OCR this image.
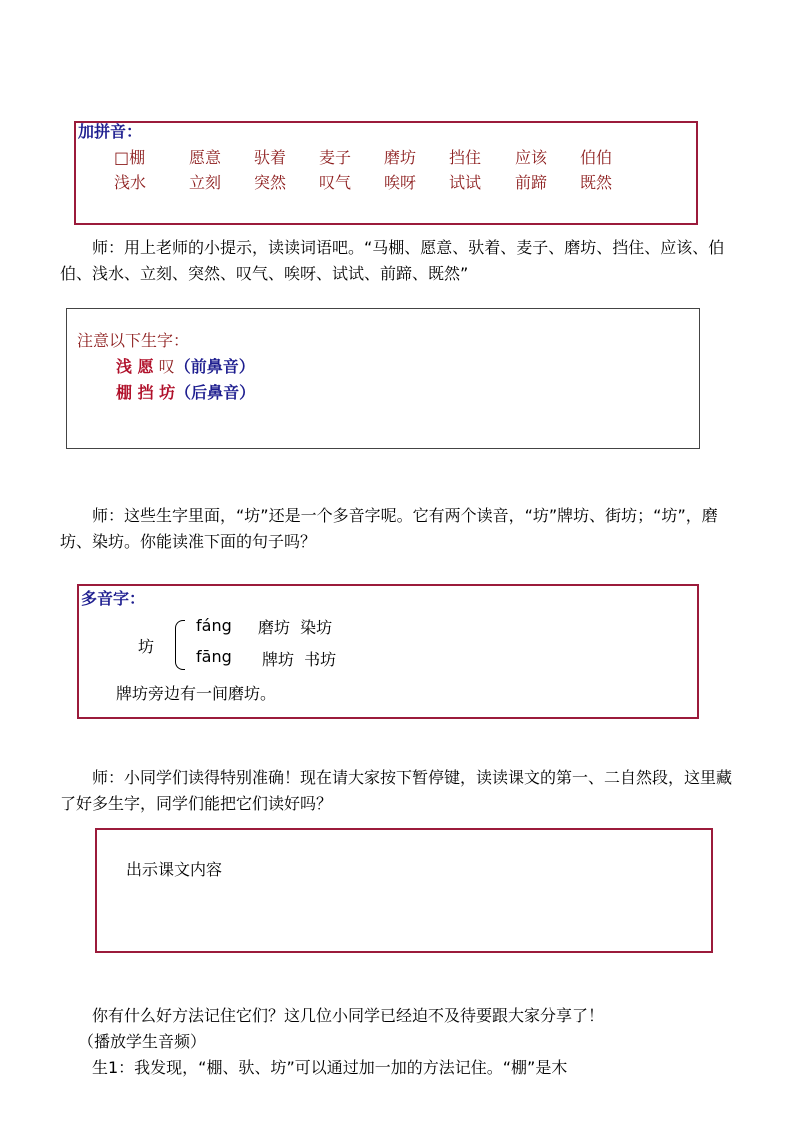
加拼音：
□棚	愿意 驮着 麦子 磨坊 挡住 应该 伯伯
浅水	立刻 突然 叹气 唉呀 试试 前蹄 既然
师：用上老师的小提示，读读词语吧。“马棚、愿意、驮着、麦子、磨坊、挡住、应该、伯伯、浅水、立刻、突然、叹气、唉呀、试试、前蹄、既然”
注意以下生字：
浅 愿 叹（前鼻音）
棚 挡 坊（后鼻音）
师：这些生字里面，“坊”还是一个多音字呢。它有两个读音，“坊”牌坊、街坊；“坊”，磨坊、染坊。你能读准下面的句子吗？
多音字：
坊
fáng 磨坊  染坊
fāng 牌坊  书坊
牌坊旁边有一间磨坊。
师：小同学们读得特别准确！现在请大家按下暂停键，读读课文的第一、二自然段，这里藏了好多生字，同学们能把它们读好吗？
出示课文内容
你有什么好方法记住它们？这几位小同学已经迫不及待要跟大家分享了！
（播放学生音频）
生1：我发现，“棚、驮、坊”可以通过加一加的方法记住。“棚”是木
